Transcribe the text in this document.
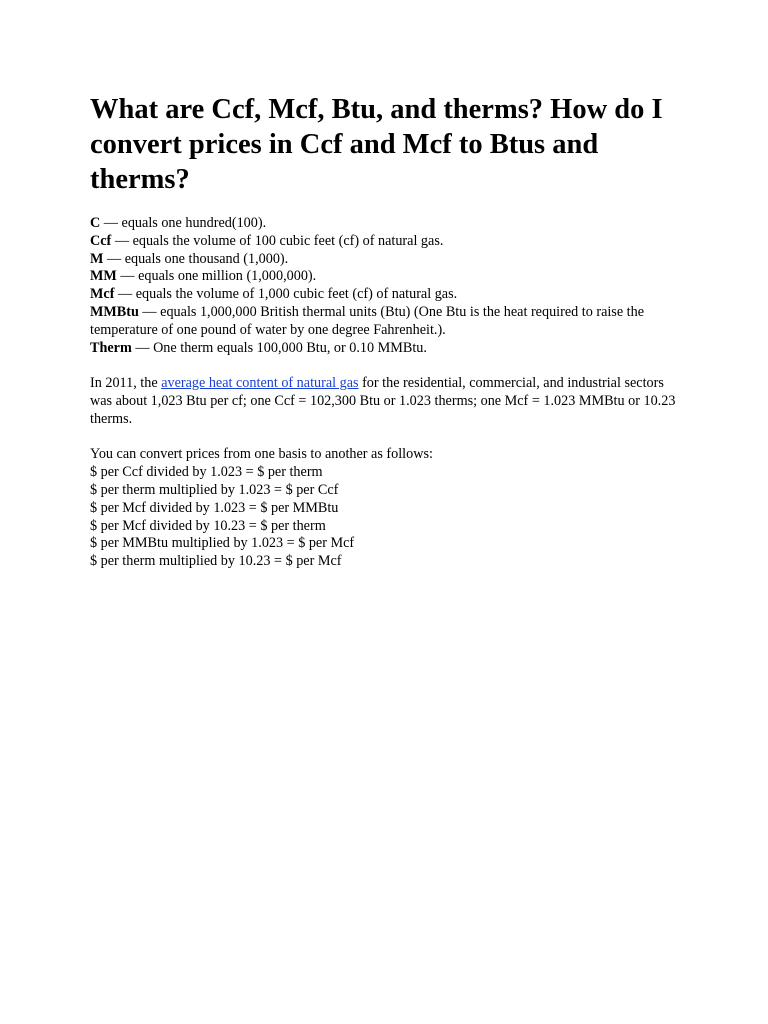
What are Ccf, Mcf, Btu, and therms? How do I convert prices in Ccf and Mcf to Btus and therms?
C — equals one hundred(100).
Ccf — equals the volume of 100 cubic feet (cf) of natural gas.
M — equals one thousand (1,000).
MM — equals one million (1,000,000).
Mcf — equals the volume of 1,000 cubic feet (cf) of natural gas.
MMBtu — equals 1,000,000 British thermal units (Btu) (One Btu is the heat required to raise the temperature of one pound of water by one degree Fahrenheit.).
Therm — One therm equals 100,000 Btu, or 0.10 MMBtu.
In 2011, the average heat content of natural gas for the residential, commercial, and industrial sectors was about 1,023 Btu per cf; one Ccf = 102,300 Btu or 1.023 therms; one Mcf = 1.023 MMBtu or 10.23 therms.
You can convert prices from one basis to another as follows:
$ per Ccf divided by 1.023 = $ per therm
$ per therm multiplied by 1.023 = $ per Ccf
$ per Mcf divided by 1.023 = $ per MMBtu
$ per Mcf divided by 10.23 = $ per therm
$ per MMBtu multiplied by 1.023 = $ per Mcf
$ per therm multiplied by 10.23 = $ per Mcf
